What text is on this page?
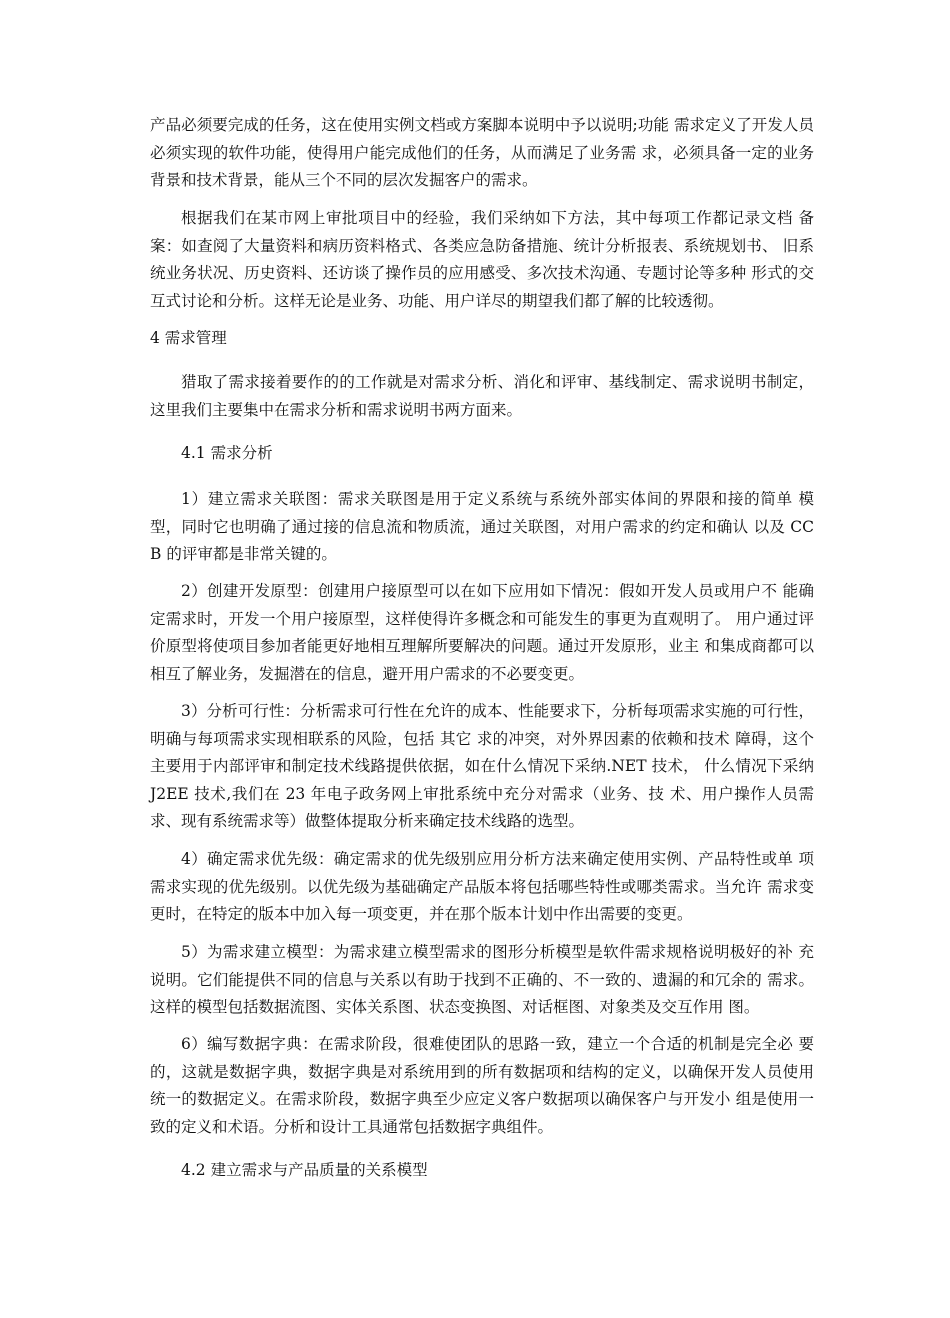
产品必须要完成的任务，这在使用实例文档或方案脚本说明中予以说明;功能 需求定义了开发人员必须实现的软件功能，使得用户能完成他们的任务，从而满足了业务需 求，必须具备一定的业务背景和技术背景，能从三个不同的层次发掘客户的需求。

根据我们在某市网上审批项目中的经验，我们采纳如下方法，其中每项工作都记录文档 备案：如查阅了大量资料和病历资料格式、各类应急防备措施、统计分析报表、系统规划书、 旧系统业务状况、历史资料、还访谈了操作员的应用感受、多次技术沟通、专题讨论等多种 形式的交互式讨论和分析。这样无论是业务、功能、用户详尽的期望我们都了解的比较透彻。

4 需求管理

猎取了需求接着要作的的工作就是对需求分析、消化和评审、基线制定、需求说明书制定，这里我们主要集中在需求分析和需求说明书两方面来。

4.1 需求分析

1）建立需求关联图：需求关联图是用于定义系统与系统外部实体间的界限和接的简单 模型，同时它也明确了通过接的信息流和物质流，通过关联图，对用户需求的约定和确认 以及 CCB 的评审都是非常关键的。

2）创建开发原型：创建用户接原型可以在如下应用如下情况：假如开发人员或用户不 能确定需求时，开发一个用户接原型，这样使得许多概念和可能发生的事更为直观明了。 用户通过评价原型将使项目参加者能更好地相互理解所要解决的问题。通过开发原形，业主 和集成商都可以相互了解业务，发掘潜在的信息，避开用户需求的不必要变更。

3）分析可行性：分析需求可行性在允许的成本、性能要求下，分析每项需求实施的可行性，明确与每项需求实现相联系的风险，包括 其它 求的冲突，对外界因素的依赖和技术 障碍，这个主要用于内部评审和制定技术线路提供依据，如在什么情况下采纳.NET 技术， 什么情况下采纳 J2EE 技术,我们在 23 年电子政务网上审批系统中充分对需求（业务、技 术、用户操作人员需求、现有系统需求等）做整体提取分析来确定技术线路的选型。

4）确定需求优先级：确定需求的优先级别应用分析方法来确定使用实例、产品特性或单 项需求实现的优先级别。以优先级为基础确定产品版本将包括哪些特性或哪类需求。当允许 需求变更时，在特定的版本中加入每一项变更，并在那个版本计划中作出需要的变更。

5）为需求建立模型：为需求建立模型需求的图形分析模型是软件需求规格说明极好的补 充说明。它们能提供不同的信息与关系以有助于找到不正确的、不一致的、遗漏的和冗余的 需求。这样的模型包括数据流图、实体关系图、状态变换图、对话框图、对象类及交互作用 图。

6）编写数据字典：在需求阶段，很难使团队的思路一致，建立一个合适的机制是完全必 要的，这就是数据字典，数据字典是对系统用到的所有数据项和结构的定义，以确保开发人员使用统一的数据定义。在需求阶段，数据字典至少应定义客户数据项以确保客户与开发小 组是使用一致的定义和术语。分析和设计工具通常包括数据字典组件。

4.2 建立需求与产品质量的关系模型
